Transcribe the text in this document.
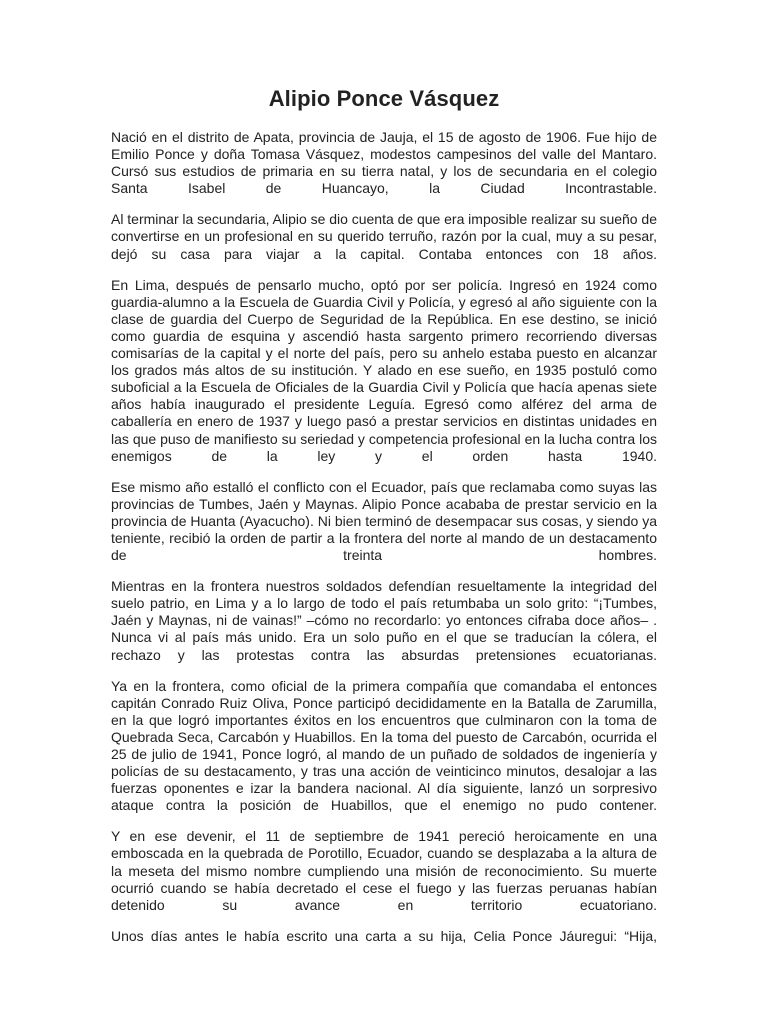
Alipio Ponce Vásquez

Nació en el distrito de Apata, provincia de Jauja, el 15 de agosto de 1906. Fue hijo de Emilio Ponce y doña Tomasa Vásquez, modestos campesinos del valle del Mantaro. Cursó sus estudios de primaria en su tierra natal, y los de secundaria en el colegio Santa Isabel de Huancayo, la Ciudad Incontrastable.

Al terminar la secundaria, Alipio se dio cuenta de que era imposible realizar su sueño de convertirse en un profesional en su querido terruño, razón por la cual, muy a su pesar, dejó su casa para viajar a la capital. Contaba entonces con 18 años.

En Lima, después de pensarlo mucho, optó por ser policía. Ingresó en 1924 como guardia-alumno a la Escuela de Guardia Civil y Policía, y egresó al año siguiente con la clase de guardia del Cuerpo de Seguridad de la República. En ese destino, se inició como guardia de esquina y ascendió hasta sargento primero recorriendo diversas comisarías de la capital y el norte del país, pero su anhelo estaba puesto en alcanzar los grados más altos de su institución. Y alado en ese sueño, en 1935 postuló como suboficial a la Escuela de Oficiales de la Guardia Civil y Policía que hacía apenas siete años había inaugurado el presidente Leguía. Egresó como alférez del arma de caballería en enero de 1937 y luego pasó a prestar servicios en distintas unidades en las que puso de manifiesto su seriedad y competencia profesional en la lucha contra los enemigos de la ley y el orden hasta 1940.

Ese mismo año estalló el conflicto con el Ecuador, país que reclamaba como suyas las provincias de Tumbes, Jaén y Maynas. Alipio Ponce acababa de prestar servicio en la provincia de Huanta (Ayacucho). Ni bien terminó de desempacar sus cosas, y siendo ya teniente, recibió la orden de partir a la frontera del norte al mando de un destacamento de treinta hombres.

Mientras en la frontera nuestros soldados defendían resueltamente la integridad del suelo patrio, en Lima y a lo largo de todo el país retumbaba un solo grito: “¡Tumbes, Jaén y Maynas, ni de vainas!” –cómo no recordarlo: yo entonces cifraba doce años– . Nunca vi al país más unido. Era un solo puño en el que se traducían la cólera, el rechazo y las protestas contra las absurdas pretensiones ecuatorianas.

Ya en la frontera, como oficial de la primera compañía que comandaba el entonces capitán Conrado Ruiz Oliva, Ponce participó decididamente en la Batalla de Zarumilla, en la que logró importantes éxitos en los encuentros que culminaron con la toma de Quebrada Seca, Carcabón y Huabillos. En la toma del puesto de Carcabón, ocurrida el 25 de julio de 1941, Ponce logró, al mando de un puñado de soldados de ingeniería y policías de su destacamento, y tras una acción de veinticinco minutos, desalojar a las fuerzas oponentes e izar la bandera nacional. Al día siguiente, lanzó un sorpresivo ataque contra la posición de Huabillos, que el enemigo no pudo contener.

Y en ese devenir, el 11 de septiembre de 1941 pereció heroicamente en una emboscada en la quebrada de Porotillo, Ecuador, cuando se desplazaba a la altura de la meseta del mismo nombre cumpliendo una misión de reconocimiento. Su muerte ocurrió cuando se había decretado el cese el fuego y las fuerzas peruanas habían detenido su avance en territorio ecuatoriano.

Unos días antes le había escrito una carta a su hija, Celia Ponce Jáuregui: “Hija,
